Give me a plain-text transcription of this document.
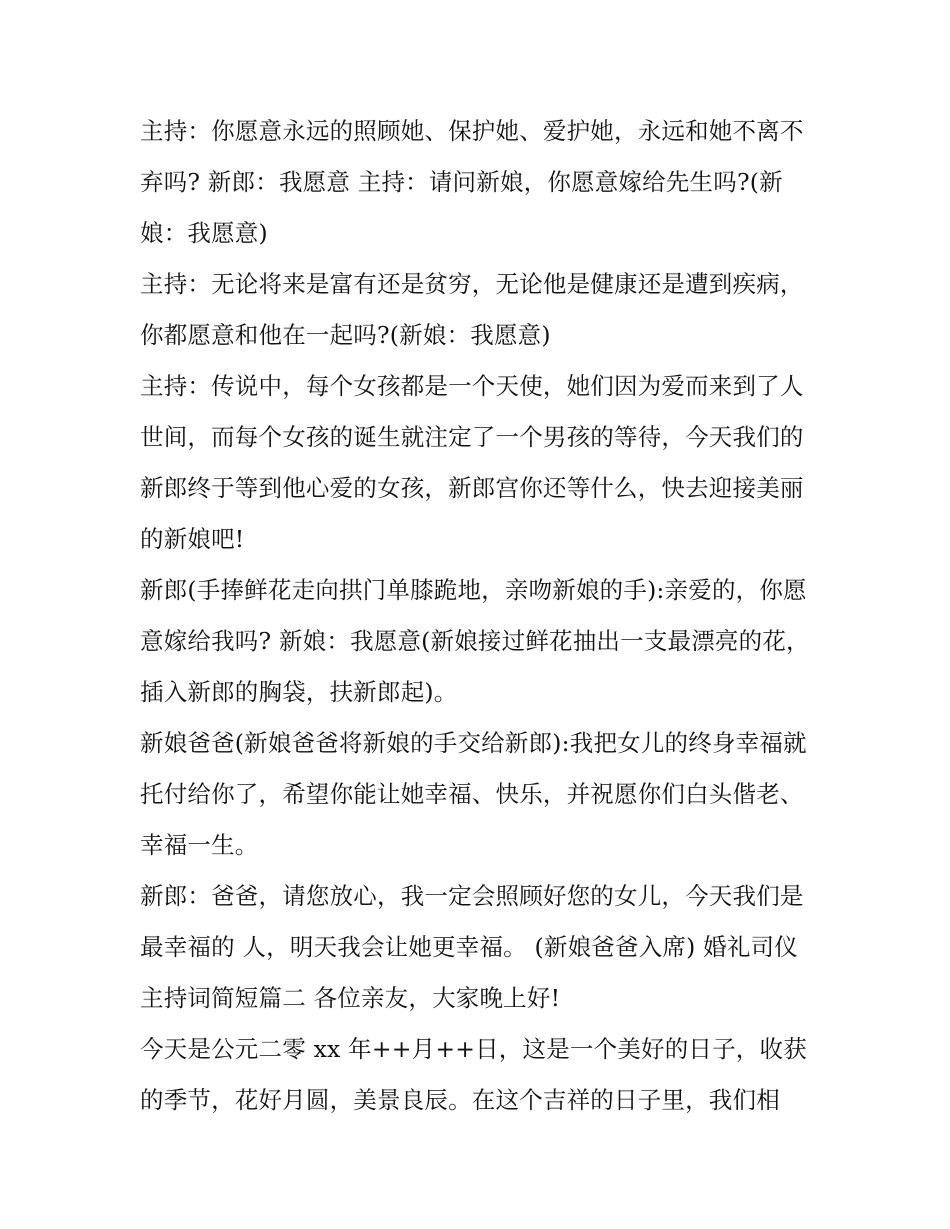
主持：你愿意永远的照顾她、保护她、爱护她，永远和她不离不弃吗? 新郎：我愿意 主持：请问新娘，你愿意嫁给先生吗?(新娘：我愿意)

主持：无论将来是富有还是贫穷，无论他是健康还是遭到疾病，你都愿意和他在一起吗?(新娘：我愿意)

主持：传说中，每个女孩都是一个天使，她们因为爱而来到了人世间，而每个女孩的诞生就注定了一个男孩的等待，今天我们的新郎终于等到他心爱的女孩，新郎宫你还等什么，快去迎接美丽的新娘吧!

新郎(手捧鲜花走向拱门单膝跪地，亲吻新娘的手):亲爱的，你愿意嫁给我吗? 新娘：我愿意(新娘接过鲜花抽出一支最漂亮的花，插入新郎的胸袋，扶新郎起)。

新娘爸爸(新娘爸爸将新娘的手交给新郎):我把女儿的终身幸福就托付给你了，希望你能让她幸福、快乐，并祝愿你们白头偕老、幸福一生。

新郎：爸爸，请您放心，我一定会照顾好您的女儿，今天我们是最幸福的 人，明天我会让她更幸福。 (新娘爸爸入席) 婚礼司仪主持词简短篇二 各位亲友，大家晚上好!

今天是公元二零 xx 年++月++日，这是一个美好的日子，收获的季节，花好月圆，美景良辰。在这个吉祥的日子里，我们相
